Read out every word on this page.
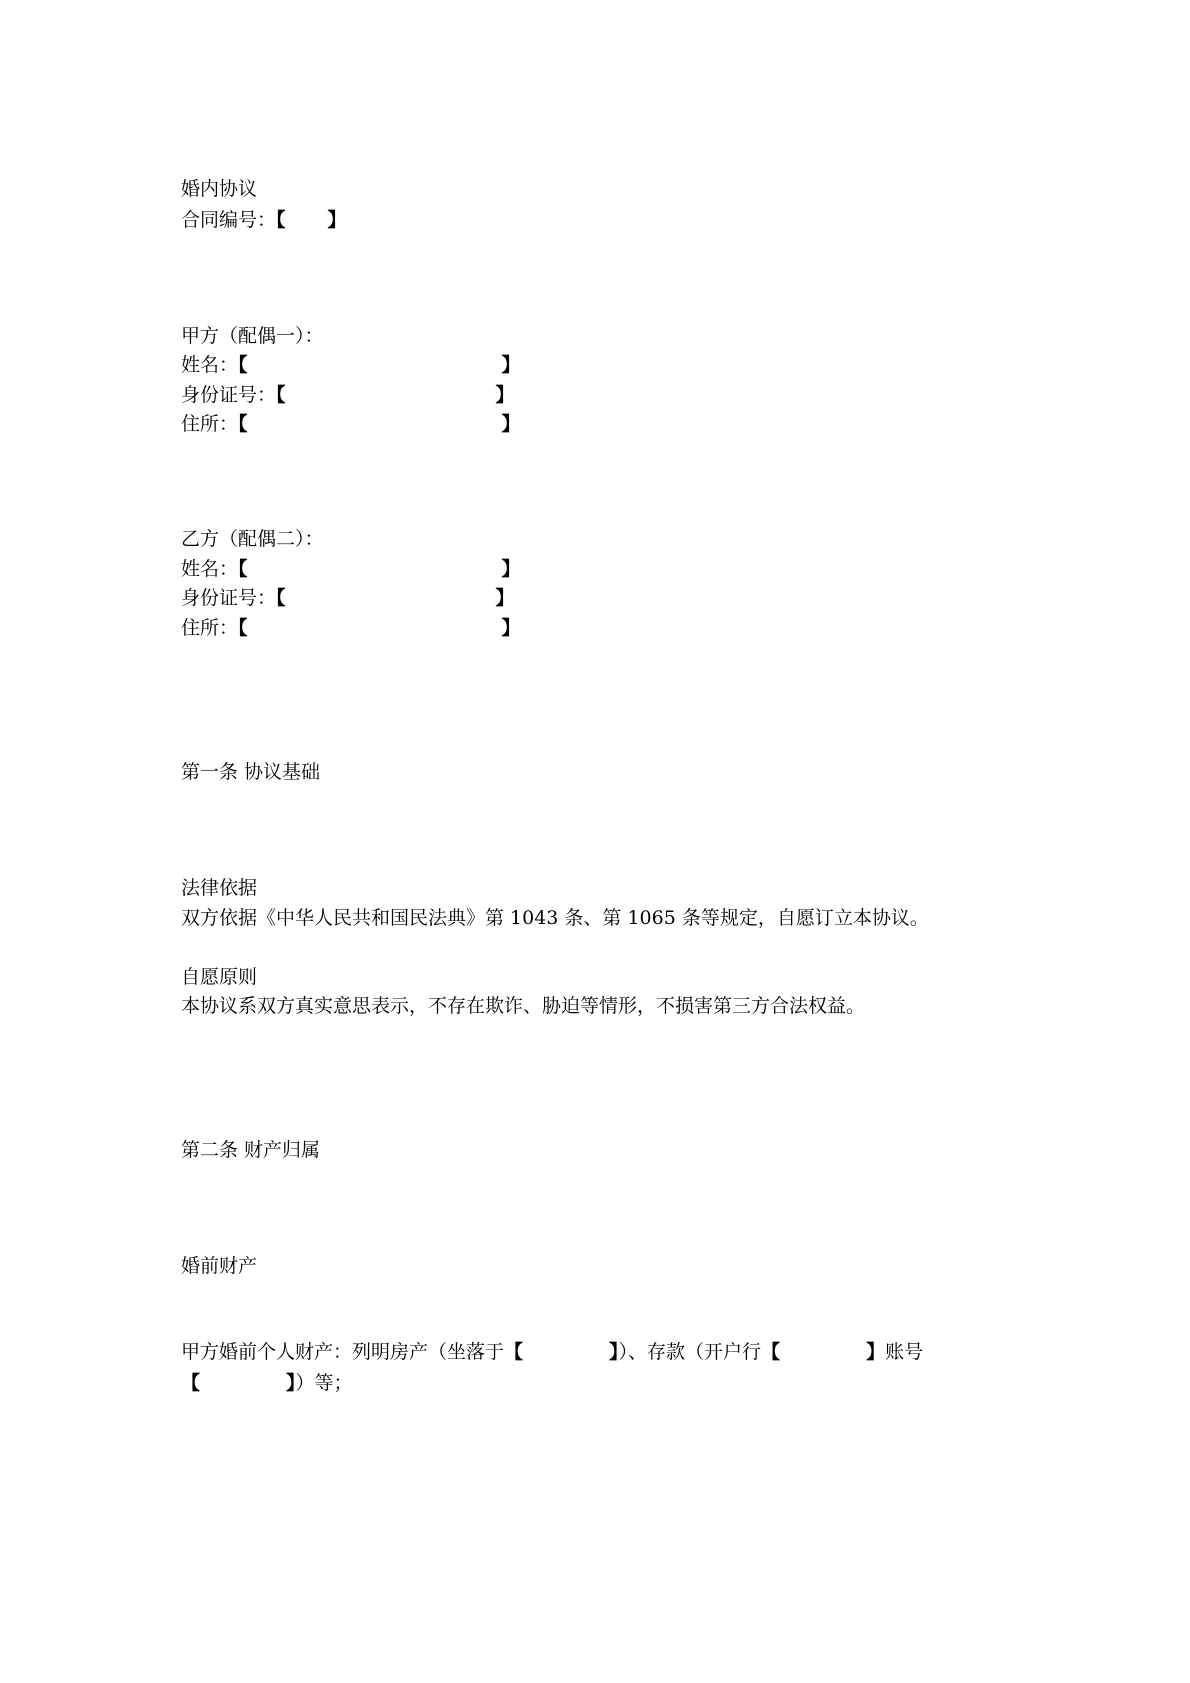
婚内协议
合同编号：【 】
甲方（配偶一）：
姓名：【	】
身份证号：【	】
住所：【	】
乙方（配偶二）：
姓名：【	】
身份证号：【	】
住所：【	】
第一条 协议基础
法律依据
双方依据《中华人民共和国民法典》第 1043 条、第 1065 条等规定，自愿订立本协议。
自愿原则
本协议系双方真实意思表示，不存在欺诈、胁迫等情形，不损害第三方合法权益。
第二条 财产归属
婚前财产
甲方婚前个人财产：列明房产（坐落于【	】）、存款（开户行【	】账号
【	】）等；
